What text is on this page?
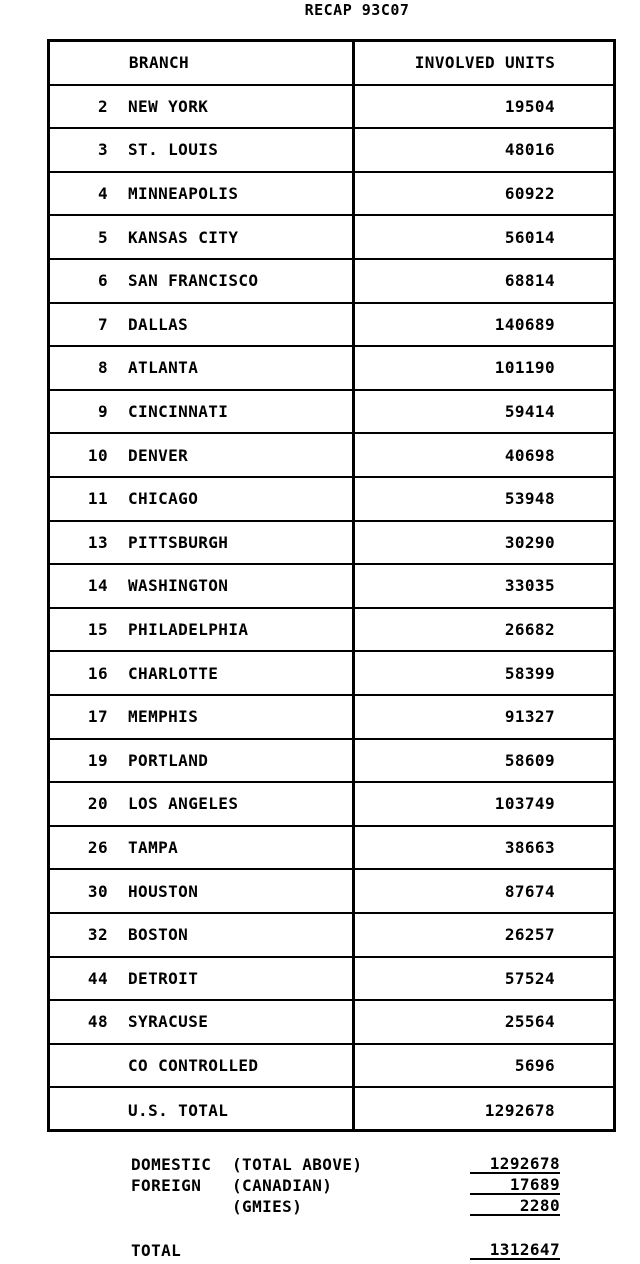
RECAP 93C07
BRANCH	INVOLVED UNITS
2 NEW YORK	19504
3 ST. LOUIS	48016
4 MINNEAPOLIS	60922
5 KANSAS CITY	56014
6 SAN FRANCISCO	68814
7 DALLAS	140689
8 ATLANTA	101190
9 CINCINNATI	59414
10 DENVER	40698
11 CHICAGO	53948
13 PITTSBURGH	30290
14 WASHINGTON	33035
15 PHILADELPHIA	26682
16 CHARLOTTE	58399
17 MEMPHIS	91327
19 PORTLAND	58609
20 LOS ANGELES	103749
26 TAMPA	38663
30 HOUSTON	87674
32 BOSTON	26257
44 DETROIT	57524
48 SYRACUSE	25564
CO CONTROLLED	5696
U.S. TOTAL	1292678
DOMESTIC (TOTAL ABOVE)	1292678
FOREIGN (CANADIAN)	17689
(GMIES)	2280
TOTAL	1312647
